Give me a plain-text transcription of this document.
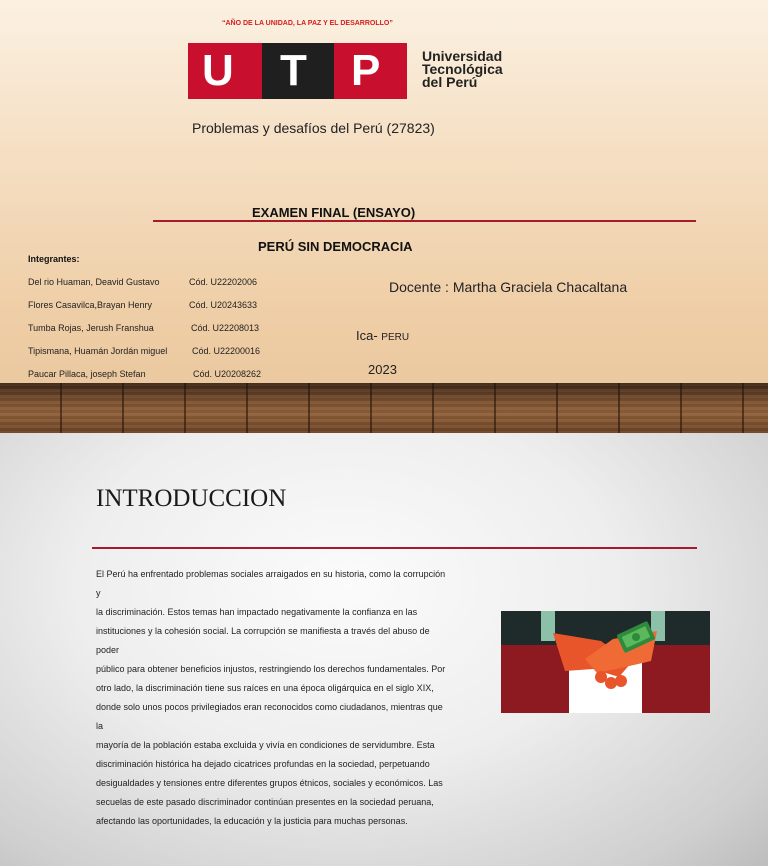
“AÑO DE LA UNIDAD, LA PAZ Y EL DESARROLLO”
U T P	Universidad
Tecnológica
del Perú
Problemas y desafíos del Perú (27823)
EXAMEN FINAL (ENSAYO)
PERÚ SIN DEMOCRACIA
Integrantes:
Del rio Huaman, Deavid Gustavo	Cód. U22202006
Flores Casavilca,Brayan Henry	Cód. U20243633
Tumba Rojas, Jerush Franshua	Cód. U22208013
Tipismana, Huamán Jordán miguel	Cód. U22200016
Paucar Pillaca, joseph Stefan	Cód. U20208262
Docente : Martha Graciela Chacaltana
Ica- PERU
2023
INTRODUCCION
El Perú ha enfrentado problemas sociales arraigados en su historia, como la corrupción y
la discriminación. Estos temas han impactado negativamente la confianza en las
instituciones y la cohesión social. La corrupción se manifiesta a través del abuso de poder
público para obtener beneficios injustos, restringiendo los derechos fundamentales. Por
otro lado, la discriminación tiene sus raíces en una época oligárquica en el siglo XIX,
donde solo unos pocos privilegiados eran reconocidos como ciudadanos, mientras que la
mayoría de la población estaba excluida y vivía en condiciones de servidumbre. Esta
discriminación histórica ha dejado cicatrices profundas en la sociedad, perpetuando
desigualdades y tensiones entre diferentes grupos étnicos, sociales y económicos. Las
secuelas de este pasado discriminador continúan presentes en la sociedad peruana,
afectando las oportunidades, la educación y la justicia para muchas personas.
